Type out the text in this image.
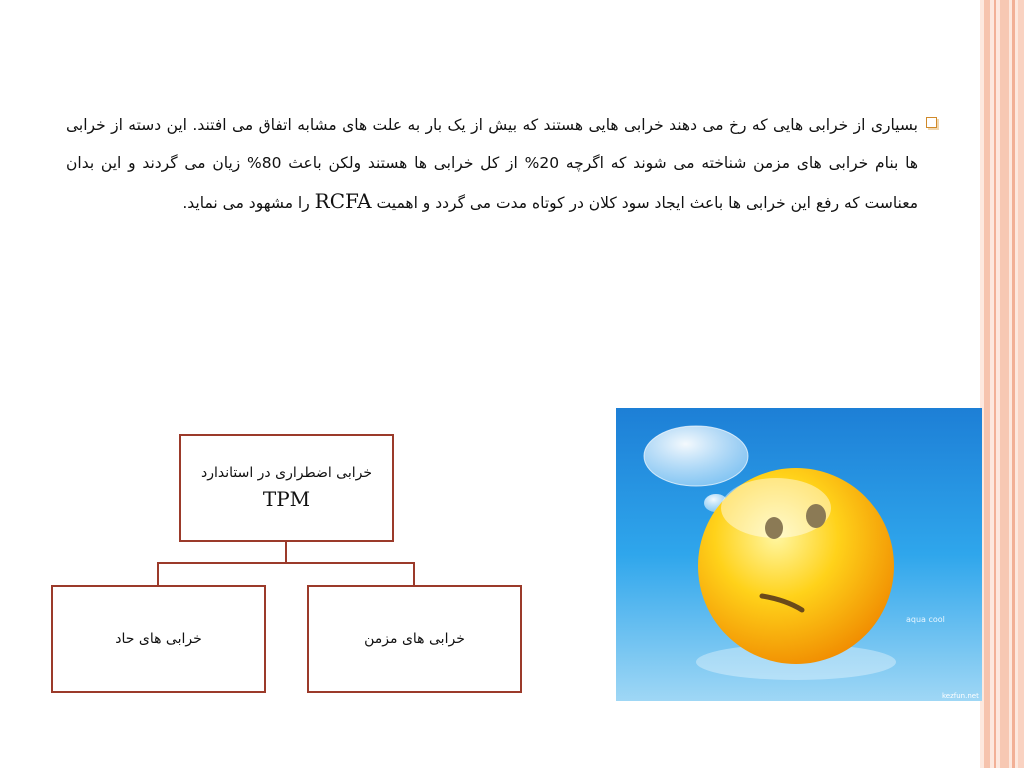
بسیاری از خرابی هایی که رخ می دهند خرابی هایی هستند که بیش از یک بار به علت های مشابه اتفاق می افتند. این دسته از خرابی ها بنام خرابی های مزمن شناخته می شوند که اگرچه 20% از کل خرابی ها هستند ولکن باعث 80% زیان می گردند و این بدان معناست که رفع این خرابی ها باعث ایجاد سود کلان در کوتاه مدت می گردد و اهمیت RCFA را مشهود می نماید.
خرابی اضطراری در استاندارد
TPM
خرابی های حاد	خرابی های مزمن
aqua cool
kezfun.net
